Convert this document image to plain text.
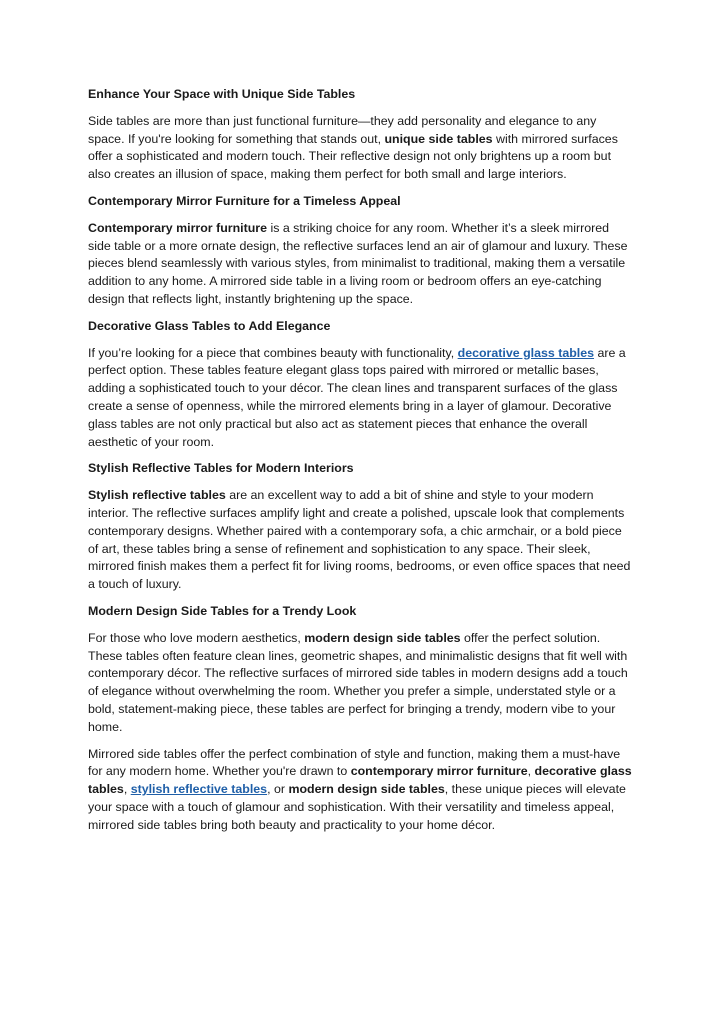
Enhance Your Space with Unique Side Tables

Side tables are more than just functional furniture—they add personality and elegance to any space. If you're looking for something that stands out, unique side tables with mirrored surfaces offer a sophisticated and modern touch. Their reflective design not only brightens up a room but also creates an illusion of space, making them perfect for both small and large interiors.

Contemporary Mirror Furniture for a Timeless Appeal

Contemporary mirror furniture is a striking choice for any room. Whether it’s a sleek mirrored side table or a more ornate design, the reflective surfaces lend an air of glamour and luxury. These pieces blend seamlessly with various styles, from minimalist to traditional, making them a versatile addition to any home. A mirrored side table in a living room or bedroom offers an eye-catching design that reflects light, instantly brightening up the space.

Decorative Glass Tables to Add Elegance

If you’re looking for a piece that combines beauty with functionality, decorative glass tables are a perfect option. These tables feature elegant glass tops paired with mirrored or metallic bases, adding a sophisticated touch to your décor. The clean lines and transparent surfaces of the glass create a sense of openness, while the mirrored elements bring in a layer of glamour. Decorative glass tables are not only practical but also act as statement pieces that enhance the overall aesthetic of your room.

Stylish Reflective Tables for Modern Interiors

Stylish reflective tables are an excellent way to add a bit of shine and style to your modern interior. The reflective surfaces amplify light and create a polished, upscale look that complements contemporary designs. Whether paired with a contemporary sofa, a chic armchair, or a bold piece of art, these tables bring a sense of refinement and sophistication to any space. Their sleek, mirrored finish makes them a perfect fit for living rooms, bedrooms, or even office spaces that need a touch of luxury.

Modern Design Side Tables for a Trendy Look

For those who love modern aesthetics, modern design side tables offer the perfect solution. These tables often feature clean lines, geometric shapes, and minimalistic designs that fit well with contemporary décor. The reflective surfaces of mirrored side tables in modern designs add a touch of elegance without overwhelming the room. Whether you prefer a simple, understated style or a bold, statement-making piece, these tables are perfect for bringing a trendy, modern vibe to your home.

Mirrored side tables offer the perfect combination of style and function, making them a must-have for any modern home. Whether you're drawn to contemporary mirror furniture, decorative glass tables, stylish reflective tables, or modern design side tables, these unique pieces will elevate your space with a touch of glamour and sophistication. With their versatility and timeless appeal, mirrored side tables bring both beauty and practicality to your home décor.
